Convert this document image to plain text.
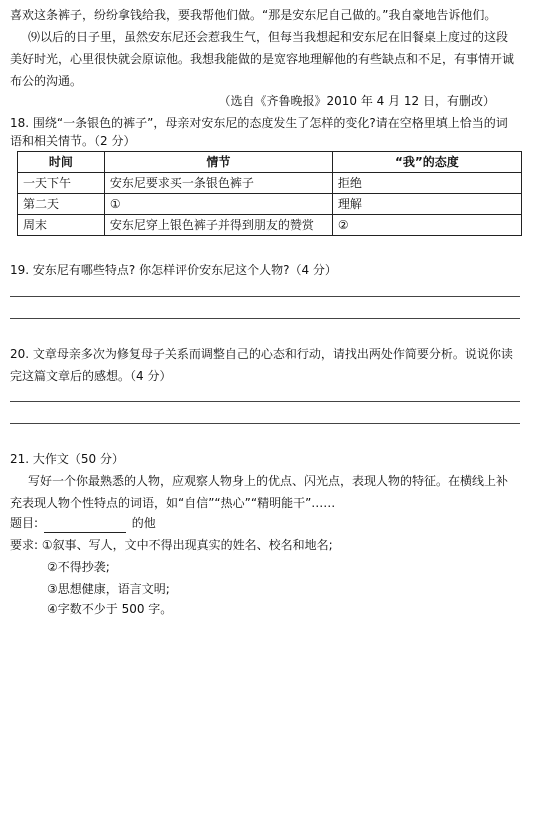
喜欢这条裤子，纷纷拿钱给我，要我帮他们做。“那是安东尼自己做的。”我自豪地告诉他们。
⑼以后的日子里，虽然安东尼还会惹我生气，但每当我想起和安东尼在旧餐桌上度过的这段
美好时光，心里很快就会原谅他。我想我能做的是宽容地理解他的有些缺点和不足，有事情开诚
布公的沟通。
（选自《齐鲁晚报》2010 年 4 月 12 日，有删改）
18. 围绕“一条银色的裤子”，母亲对安东尼的态度发生了怎样的变化?请在空格里填上恰当的词
语和相关情节。（2 分）
时间	情节	“我”的态度
一天下午	安东尼要求买一条银色裤子	拒绝
第二天	①	理解
周末	安东尼穿上银色裤子并得到朋友的赞赏	②
19. 安东尼有哪些特点? 你怎样评价安东尼这个人物?（4 分）
20. 文章母亲多次为修复母子关系而调整自己的心态和行动，请找出两处作简要分析。说说你读
完这篇文章后的感想。（4 分）
21. 大作文（50 分）
写好一个你最熟悉的人物，应观察人物身上的优点、闪光点，表现人物的特征。在横线上补
充表现人物个性特点的词语，如“自信”“热心”“精明能干”……
题目:	的他
要求: ①叙事、写人，文中不得出现真实的姓名、校名和地名;
②不得抄袭;
③思想健康，语言文明;
④字数不少于 500 字。
